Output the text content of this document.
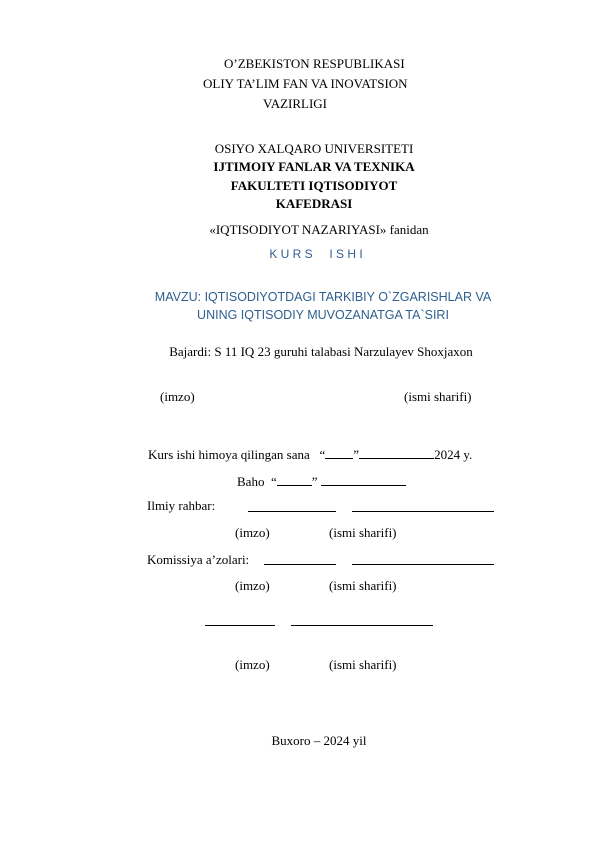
O’ZBEKISTON RESPUBLIKASI
OLIY TA’LIM FAN VA INOVATSION
VAZIRLIGI
OSIYO XALQARO UNIVERSITETI
IJTIMOIY FANLAR VA TEXNIKA
FAKULTETI IQTISODIYOT
KAFEDRASI
«IQTISODIYOT NAZARIYASI» fanidan
K U R S     I S H I
MAVZU: IQTISODIYOTDAGI TARKIBIY O`ZGARISHLAR VA
UNING IQTISODIY MUVOZANATGA TA`SIRI
Bajardi: S 11 IQ 23 guruhi talabasi Narzulayev Shoxjaxon
(imzo)	(ismi sharifi)
Kurs ishi himoya qilingan sana   “ ”	2024 y.
Baho  “	”
Ilmiy rahbar:
(imzo)	(ismi sharifi)
Komissiya a’zolari:
(imzo)	(ismi sharifi)
(imzo)	(ismi sharifi)
Buxoro – 2024 yil
